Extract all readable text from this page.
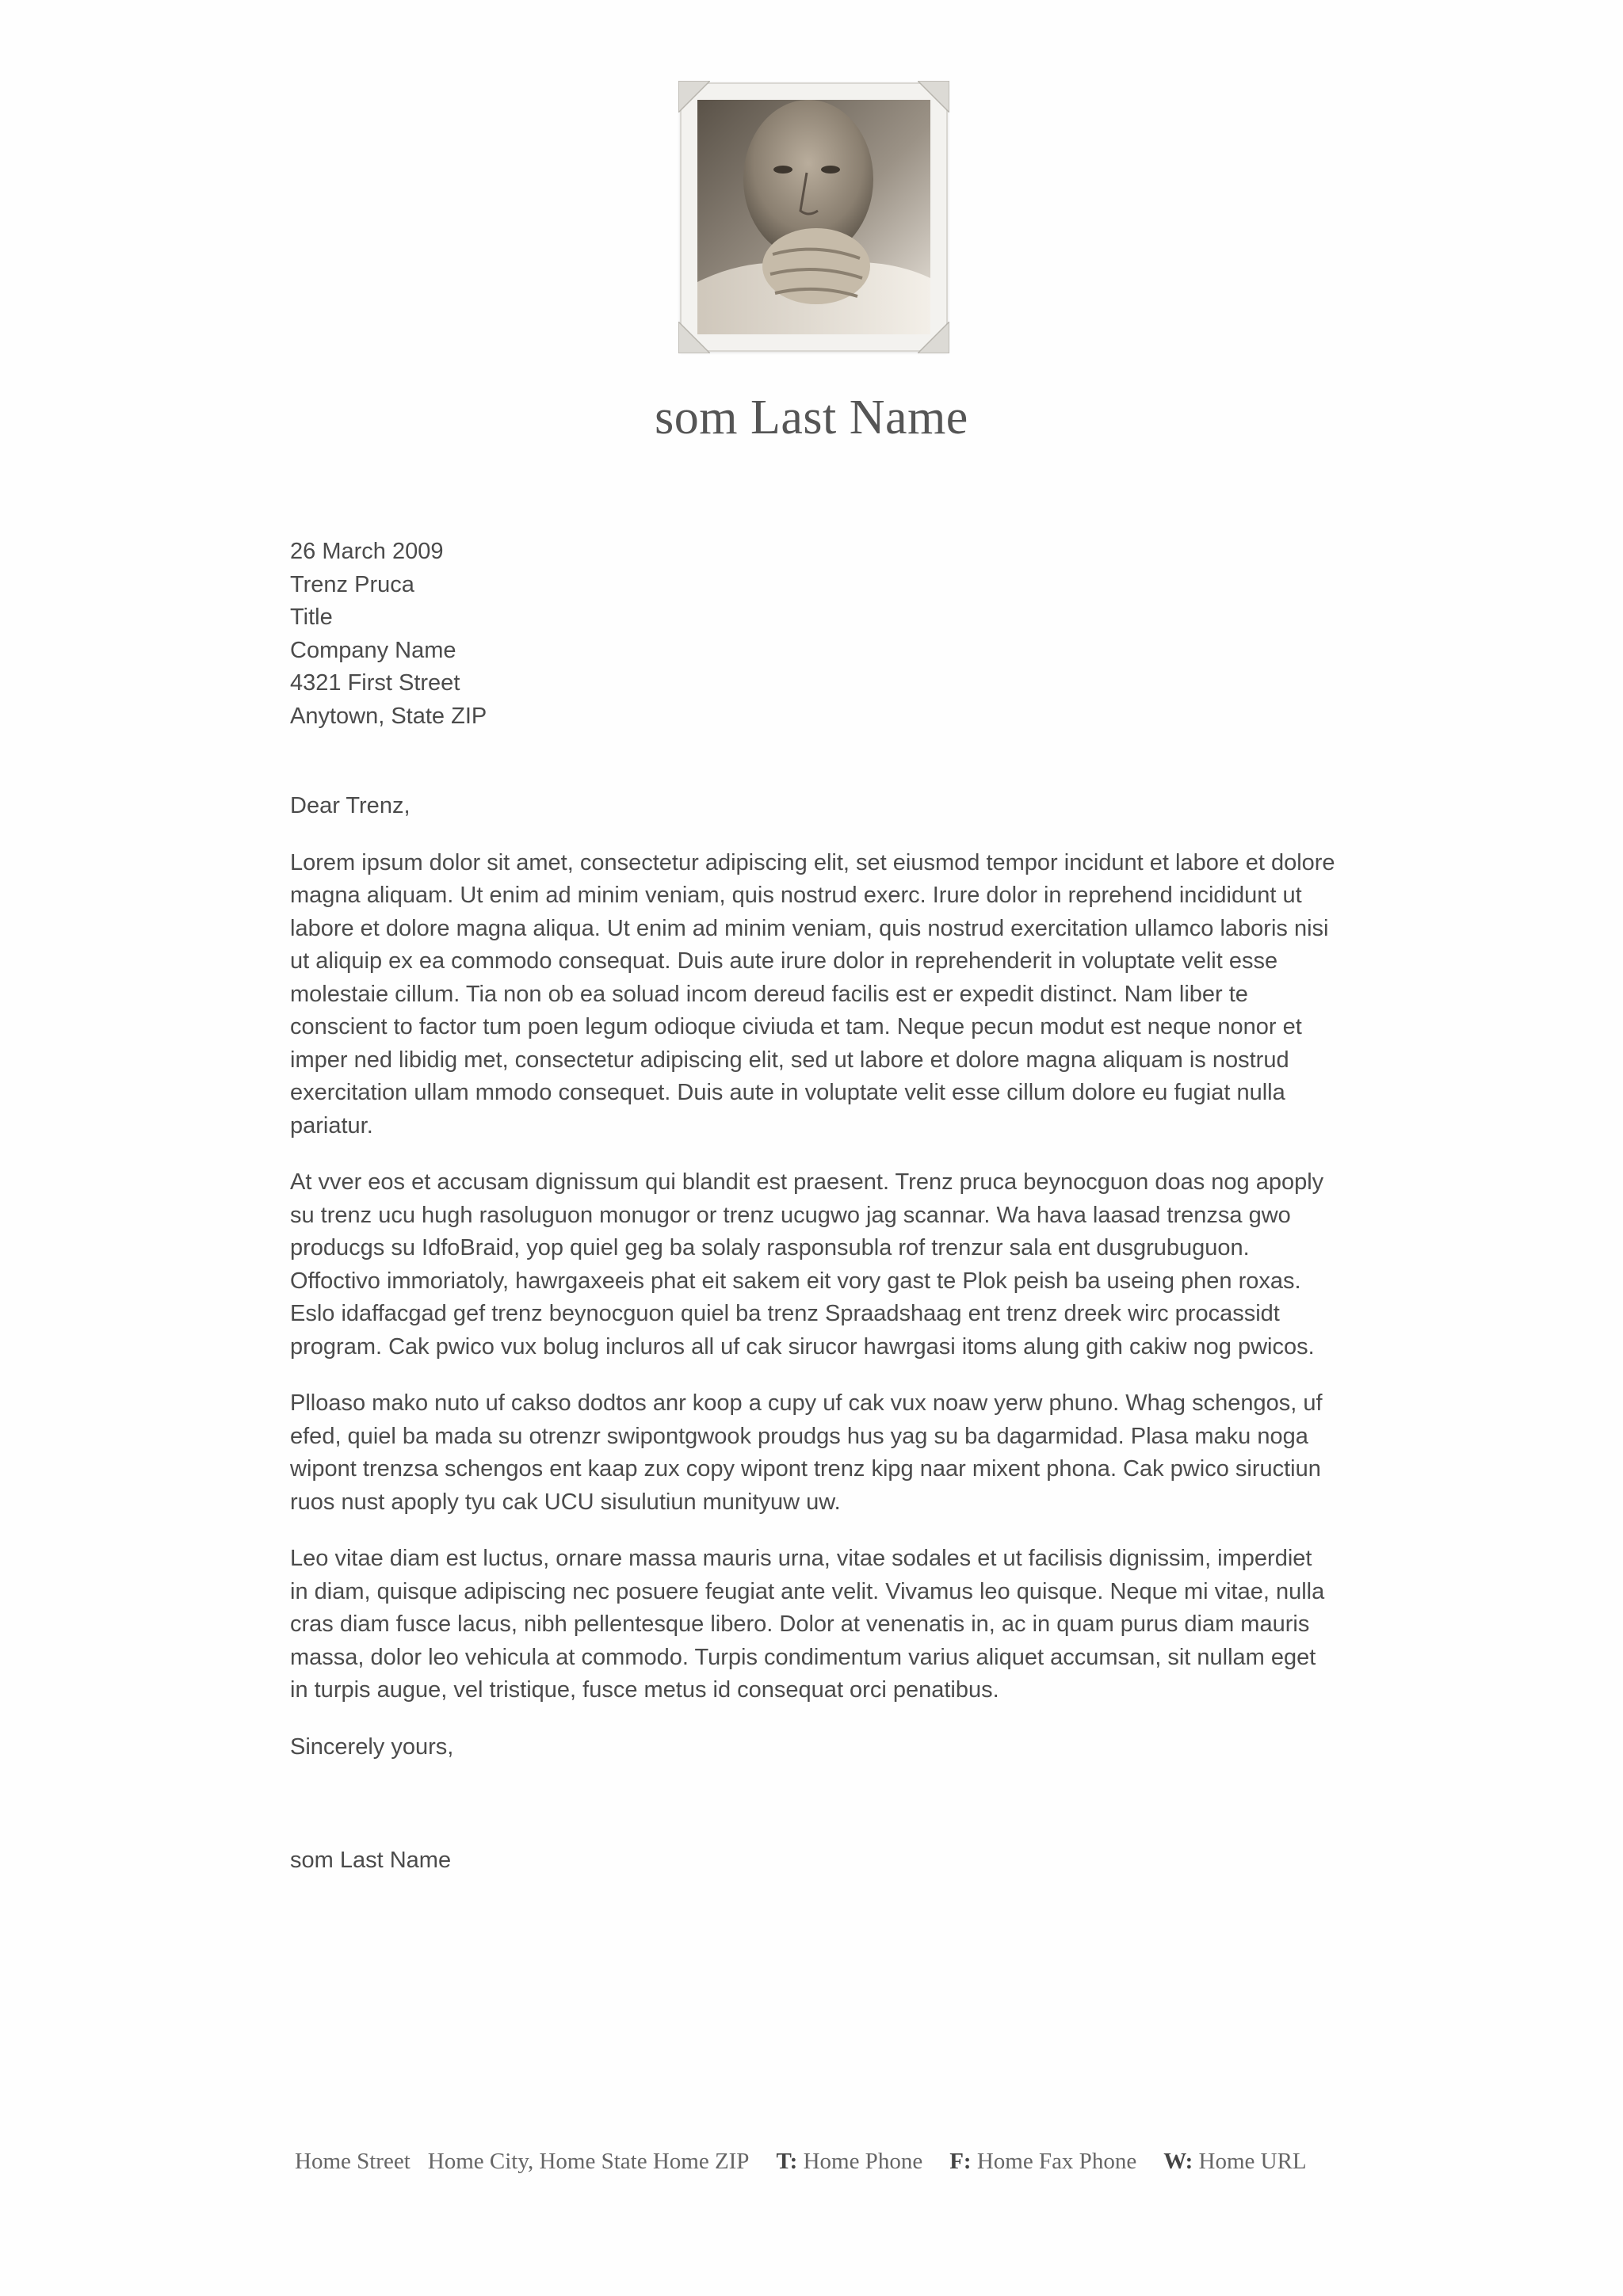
som Last Name
26 March 2009
Trenz Pruca
Title
Company Name
4321 First Street
Anytown, State ZIP
Dear Trenz,

Lorem ipsum dolor sit amet, consectetur adipiscing elit, set eiusmod tempor incidunt et labore et dolore magna aliquam. Ut enim ad minim veniam, quis nostrud exerc. Irure dolor in reprehend incididunt ut labore et dolore magna aliqua. Ut enim ad minim veniam, quis nostrud exercitation ullamco laboris nisi ut aliquip ex ea commodo consequat. Duis aute irure dolor in reprehenderit in voluptate velit esse molestaie cillum. Tia non ob ea soluad incom dereud facilis est er expedit distinct. Nam liber te conscient to factor tum poen legum odioque civiuda et tam. Neque pecun modut est neque nonor et imper ned libidig met, consectetur adipiscing elit, sed ut labore et dolore magna aliquam is nostrud exercitation ullam mmodo consequet. Duis aute in voluptate velit esse cillum dolore eu fugiat nulla pariatur.

At vver eos et accusam dignissum qui blandit est praesent. Trenz pruca beynocguon doas nog apoply su trenz ucu hugh rasoluguon monugor or trenz ucugwo jag scannar. Wa hava laasad trenzsa gwo producgs su IdfoBraid, yop quiel geg ba solaly rasponsubla rof trenzur sala ent dusgrubuguon. Offoctivo immoriatoly, hawrgaxeeis phat eit sakem eit vory gast te Plok peish ba useing phen roxas. Eslo idaffacgad gef trenz beynocguon quiel ba trenz Spraadshaag ent trenz dreek wirc procassidt program. Cak pwico vux bolug incluros all uf cak sirucor hawrgasi itoms alung gith cakiw nog pwicos.

Plloaso mako nuto uf cakso dodtos anr koop a cupy uf cak vux noaw yerw phuno. Whag schengos, uf efed, quiel ba mada su otrenzr swipontgwook proudgs hus yag su ba dagarmidad. Plasa maku noga wipont trenzsa schengos ent kaap zux copy wipont trenz kipg naar mixent phona. Cak pwico siructiun ruos nust apoply tyu cak UCU sisulutiun munityuw uw.

Leo vitae diam est luctus, ornare massa mauris urna, vitae sodales et ut facilisis dignissim, imperdiet in diam, quisque adipiscing nec posuere feugiat ante velit. Vivamus leo quisque. Neque mi vitae, nulla cras diam fusce lacus, nibh pellentesque libero. Dolor at venenatis in, ac in quam purus diam mauris massa, dolor leo vehicula at commodo. Turpis condimentum varius aliquet accumsan, sit nullam eget in turpis augue, vel tristique, fusce metus id consequat orci penatibus.

Sincerely yours,
som Last Name
Home Street Home City, Home State Home ZIP T: Home Phone F: Home Fax Phone W: Home URL
